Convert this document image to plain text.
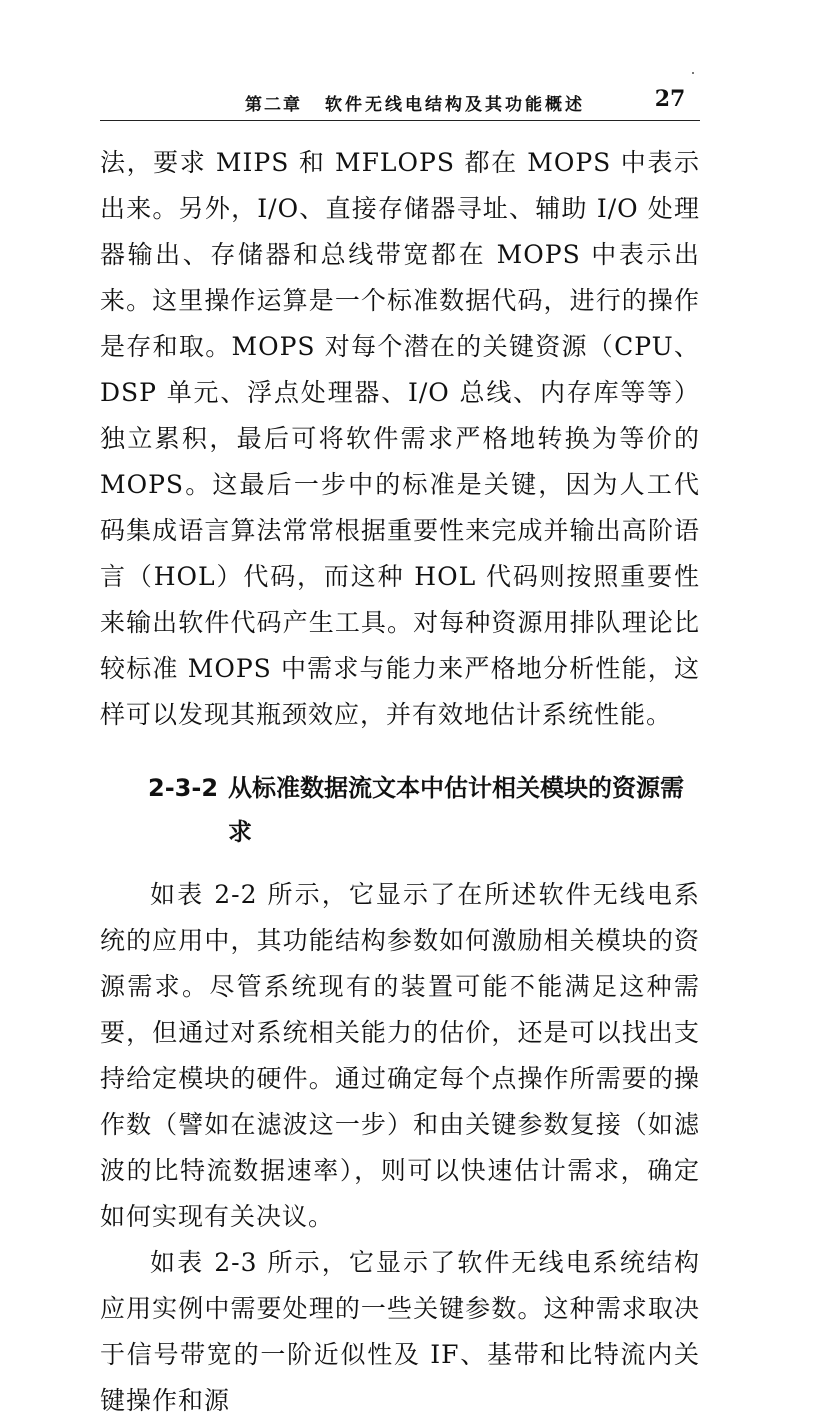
第二章 软件无线电结构及其功能概述	27

法，要求 MIPS 和 MFLOPS 都在 MOPS 中表示出来。另外，I/O、直接存储器寻址、辅助 I/O 处理器输出、存储器和总线带宽都在 MOPS 中表示出来。这里操作运算是一个标准数据代码，进行的操作是存和取。MOPS 对每个潜在的关键资源（CPU、DSP 单元、浮点处理器、I/O 总线、内存库等等）独立累积，最后可将软件需求严格地转换为等价的 MOPS。这最后一步中的标准是关键，因为人工代码集成语言算法常常根据重要性来完成并输出高阶语言（HOL）代码，而这种 HOL 代码则按照重要性来输出软件代码产生工具。对每种资源用排队理论比较标准 MOPS 中需求与能力来严格地分析性能，这样可以发现其瓶颈效应，并有效地估计系统性能。

2-3-2 从标准数据流文本中估计相关模块的资源需求

如表 2-2 所示，它显示了在所述软件无线电系统的应用中，其功能结构参数如何激励相关模块的资源需求。尽管系统现有的装置可能不能满足这种需要，但通过对系统相关能力的估价，还是可以找出支持给定模块的硬件。通过确定每个点操作所需要的操作数（譬如在滤波这一步）和由关键参数复接（如滤波的比特流数据速率），则可以快速估计需求，确定如何实现有关决议。

如表 2-3 所示，它显示了软件无线电系统结构应用实例中需要处理的一些关键参数。这种需求取决于信号带宽的一阶近似性及 IF、基带和比特流内关键操作和源
